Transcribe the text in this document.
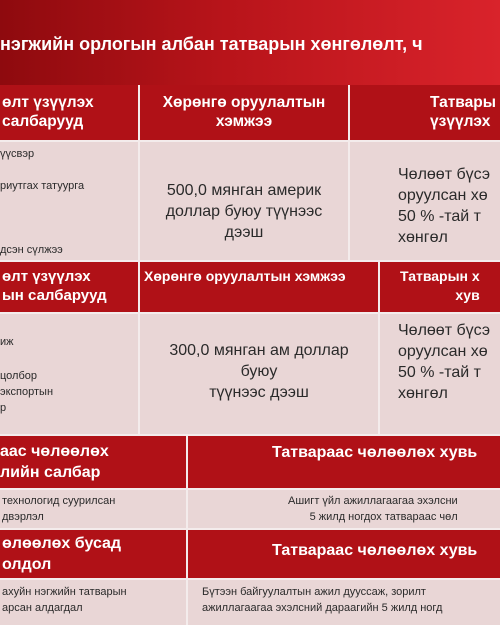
нэгжийн орлогын албан татварын хөнгөлөлт, ч
өлт үзүүлэх
салбарууд
Хөрөнгө оруулалтын
хэмжээ
Татвары
үзүүлэх
үүсвэр
риутгах татуурга
дсэн сүлжээ
500,0 мянган америк
доллар буюу түүнээс
дээш
Чөлөөт бүсэ
оруулсан хө
50 % -тай т
хөнгөл
өлт үзүүлэх
ын салбарууд
Хөрөнгө оруулалтын хэмжээ	Татварын х
хув
иж
цолбор
экспортын
р
300,0 мянган ам доллар
буюу
түүнээс дээш
Чөлөөт бүсэ
оруулсан хө
50 % -тай т
хөнгөл
аас чөлөөлөх
лийн салбар
Татвараас чөлөөлөх хувь
технологид суурилсан
двэрлэл
Ашигт үйл ажиллагаагаа эхэлсни
5 жилд ногдох татвараас чөл
өлөөлөх бусад
олдол
Татвараас чөлөөлөх хувь
ахуйн нэгжийн татварын
арсан алдагдал
Бүтээн байгуулалтын ажил дууссаж, зорилт
ажиллагаагаа эхэлсний дараагийн 5 жилд ногд
